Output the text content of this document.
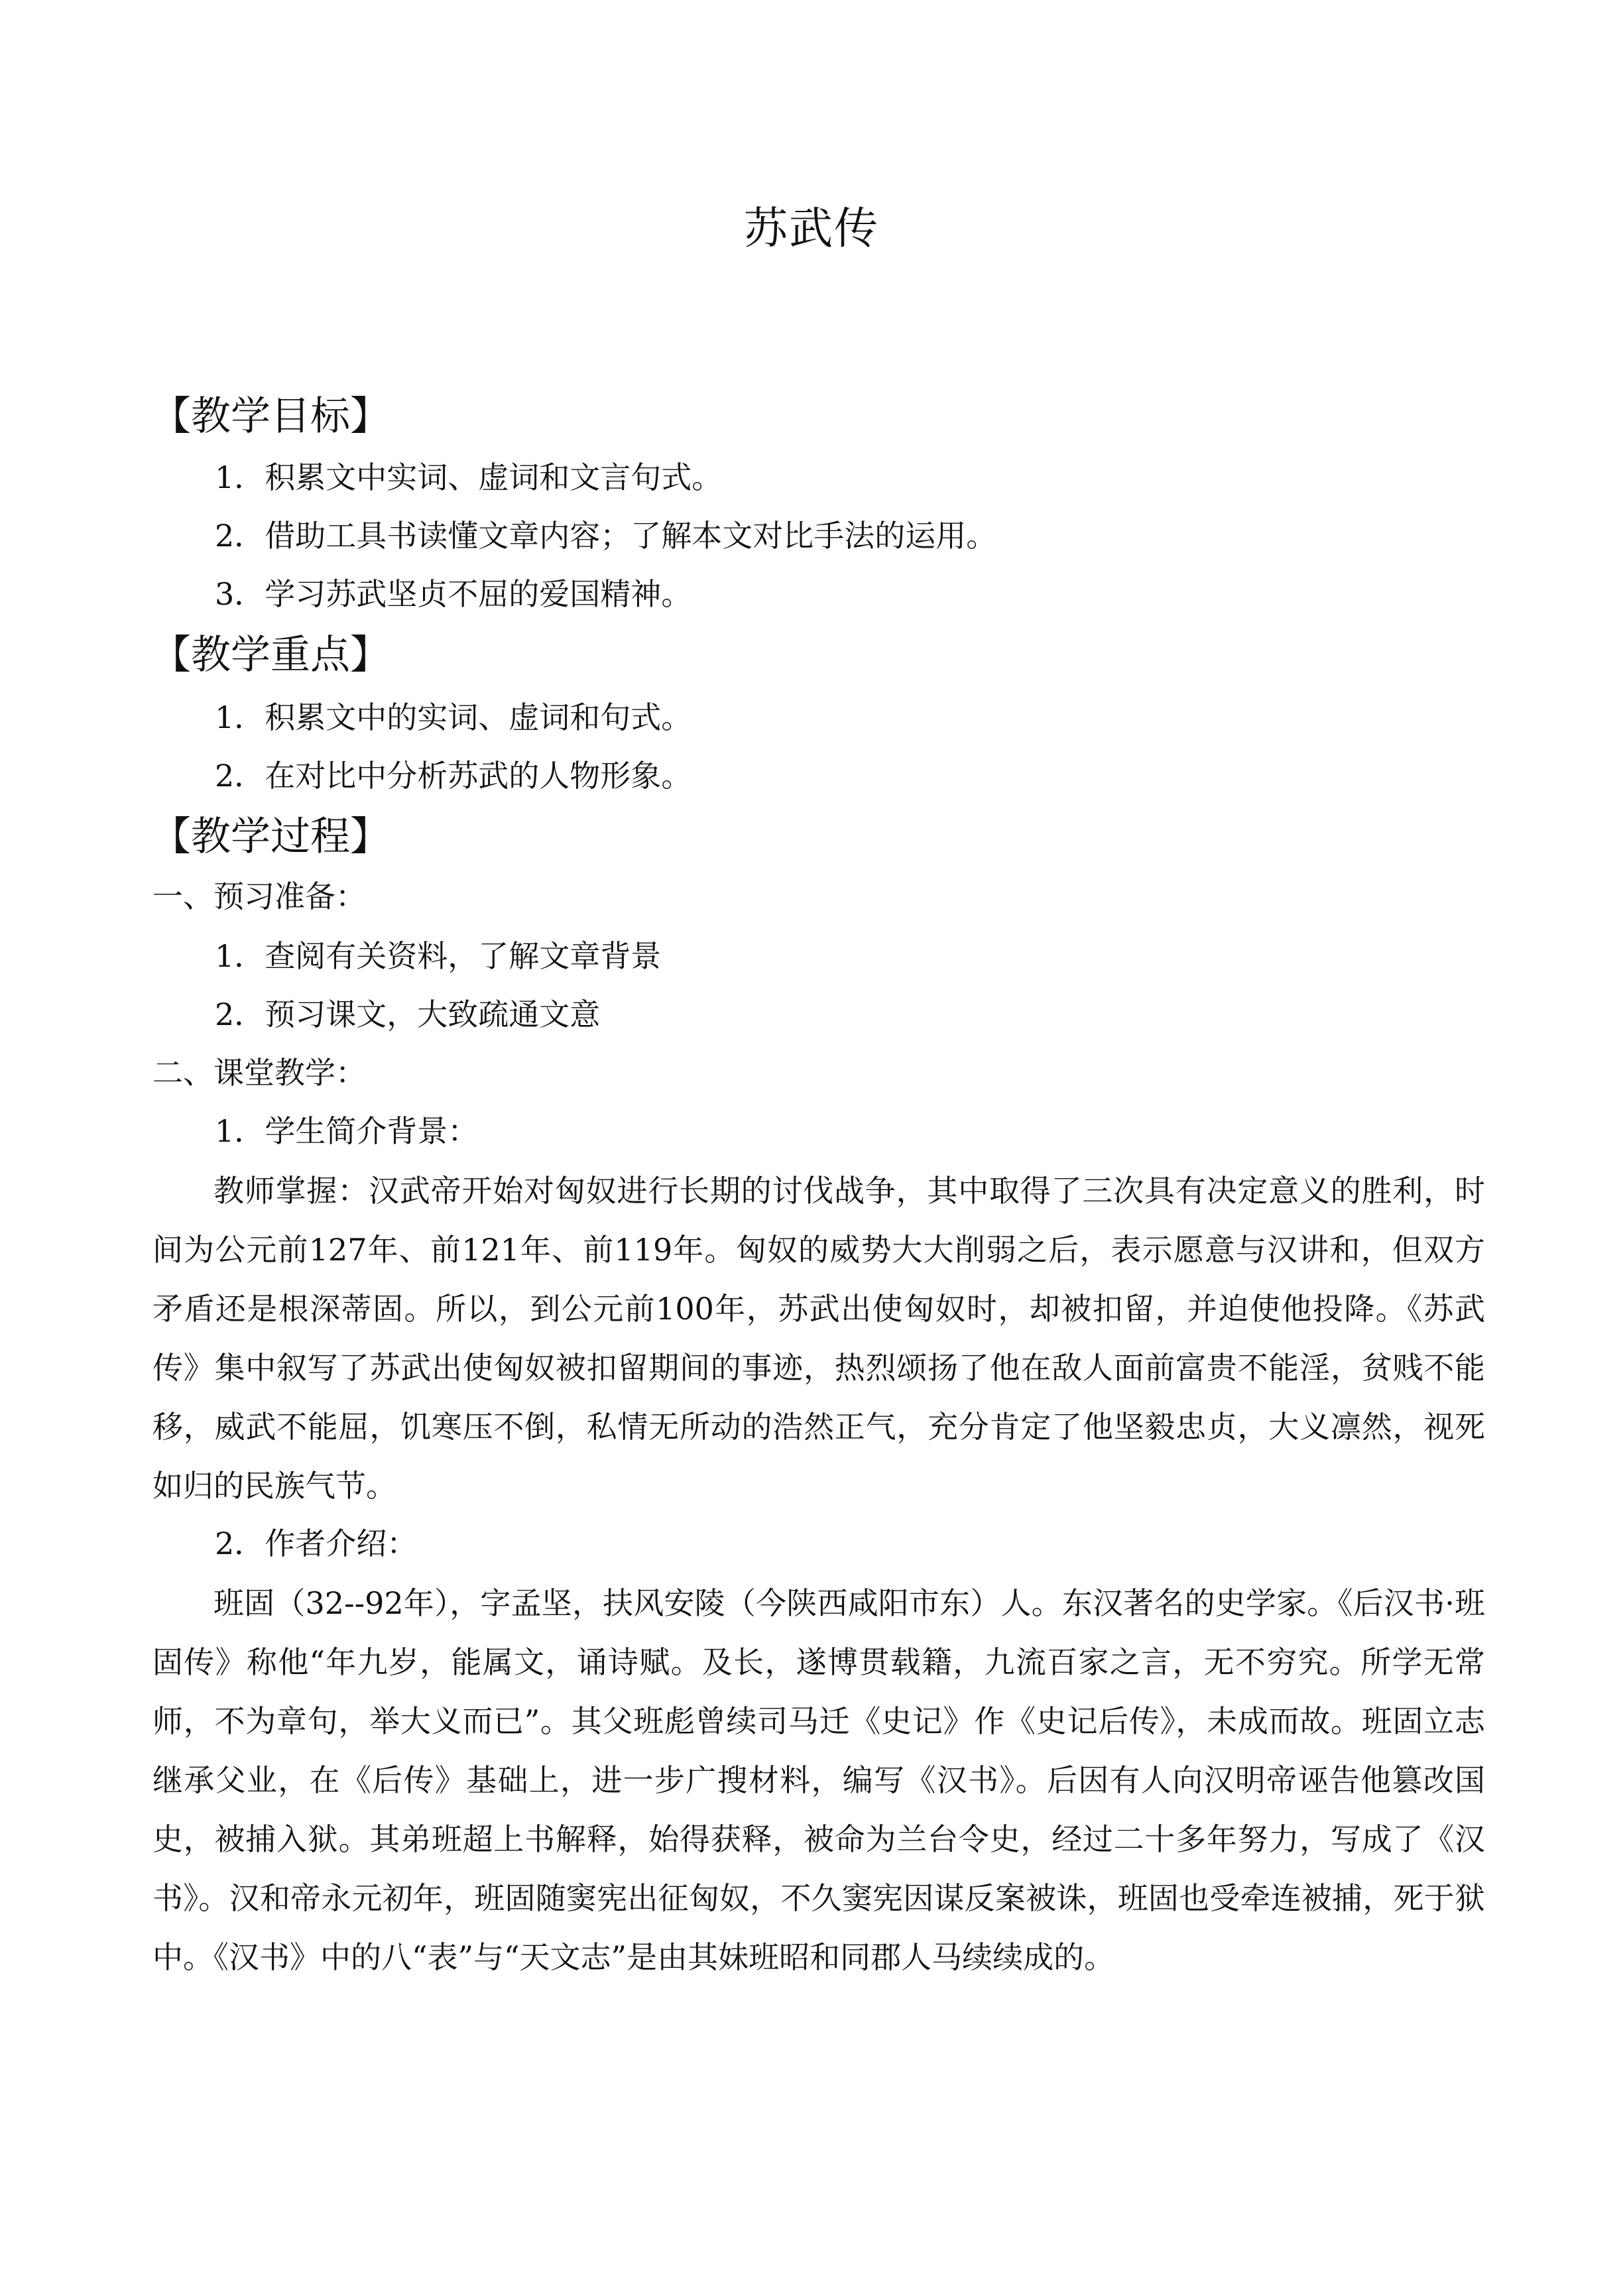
苏武传
【教学目标】
1．积累文中实词、虚词和文言句式。
2．借助工具书读懂文章内容；了解本文对比手法的运用。
3．学习苏武坚贞不屈的爱国精神。
【教学重点】
1．积累文中的实词、虚词和句式。
2．在对比中分析苏武的人物形象。
【教学过程】
一、预习准备：
1．查阅有关资料，了解文章背景
2．预习课文，大致疏通文意
二、课堂教学：
1．学生简介背景：
教师掌握：汉武帝开始对匈奴进行长期的讨伐战争，其中取得了三次具有决定意义的胜利，时间为公元前127年、前121年、前119年。匈奴的威势大大削弱之后，表示愿意与汉讲和，但双方矛盾还是根深蒂固。所以，到公元前100年，苏武出使匈奴时，却被扣留，并迫使他投降。《苏武传》集中叙写了苏武出使匈奴被扣留期间的事迹，热烈颂扬了他在敌人面前富贵不能淫，贫贱不能移，威武不能屈，饥寒压不倒，私情无所动的浩然正气，充分肯定了他坚毅忠贞，大义凛然，视死如归的民族气节。
2．作者介绍：
班固（32--92年），字孟坚，扶风安陵（今陕西咸阳市东）人。东汉著名的史学家。《后汉书·班固传》称他“年九岁，能属文，诵诗赋。及长，遂博贯载籍，九流百家之言，无不穷究。所学无常师，不为章句，举大义而已”。其父班彪曾续司马迁《史记》作《史记后传》，未成而故。班固立志继承父业，在《后传》基础上，进一步广搜材料，编写《汉书》。后因有人向汉明帝诬告他篡改国史，被捕入狱。其弟班超上书解释，始得获释，被命为兰台令史，经过二十多年努力，写成了《汉书》。汉和帝永元初年，班固随窦宪出征匈奴，不久窦宪因谋反案被诛，班固也受牵连被捕，死于狱中。《汉书》中的八“表”与“天文志”是由其妹班昭和同郡人马续续成的。
